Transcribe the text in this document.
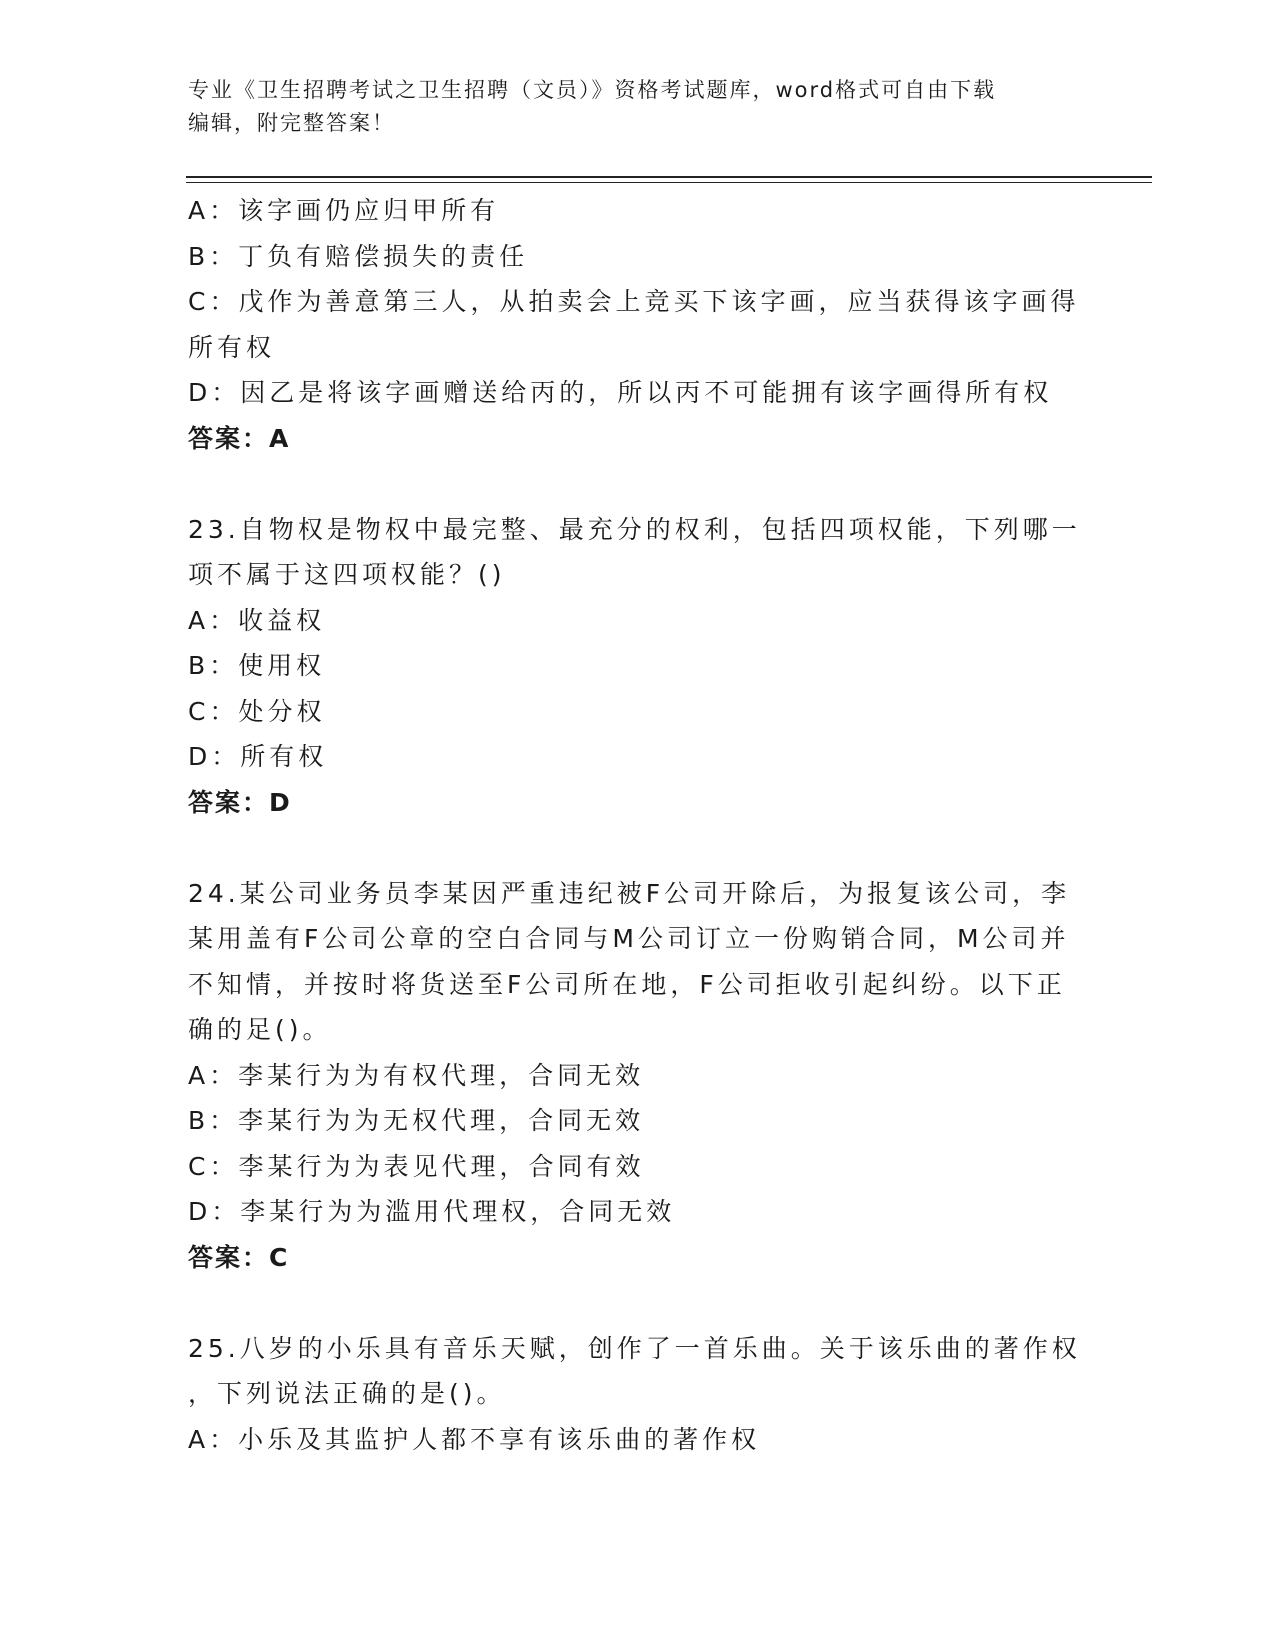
专业《卫生招聘考试之卫生招聘（文员）》资格考试题库，word格式可自由下载
编辑，附完整答案！
A：该字画仍应归甲所有
B：丁负有赔偿损失的责任
C：戊作为善意第三人，从拍卖会上竞买下该字画，应当获得该字画得
所有权
D：因乙是将该字画赠送给丙的，所以丙不可能拥有该字画得所有权
答案：A
23.自物权是物权中最完整、最充分的权利，包括四项权能，下列哪一
项不属于这四项权能？()
A：收益权
B：使用权
C：处分权
D：所有权
答案：D
24.某公司业务员李某因严重违纪被F公司开除后，为报复该公司，李
某用盖有F公司公章的空白合同与M公司订立一份购销合同，M公司并
不知情，并按时将货送至F公司所在地，F公司拒收引起纠纷。以下正
确的足()。
A：李某行为为有权代理，合同无效
B：李某行为为无权代理，合同无效
C：李某行为为表见代理，合同有效
D：李某行为为滥用代理权，合同无效
答案：C
25.八岁的小乐具有音乐天赋，创作了一首乐曲。关于该乐曲的著作权
，下列说法正确的是()。
A：小乐及其监护人都不享有该乐曲的著作权
